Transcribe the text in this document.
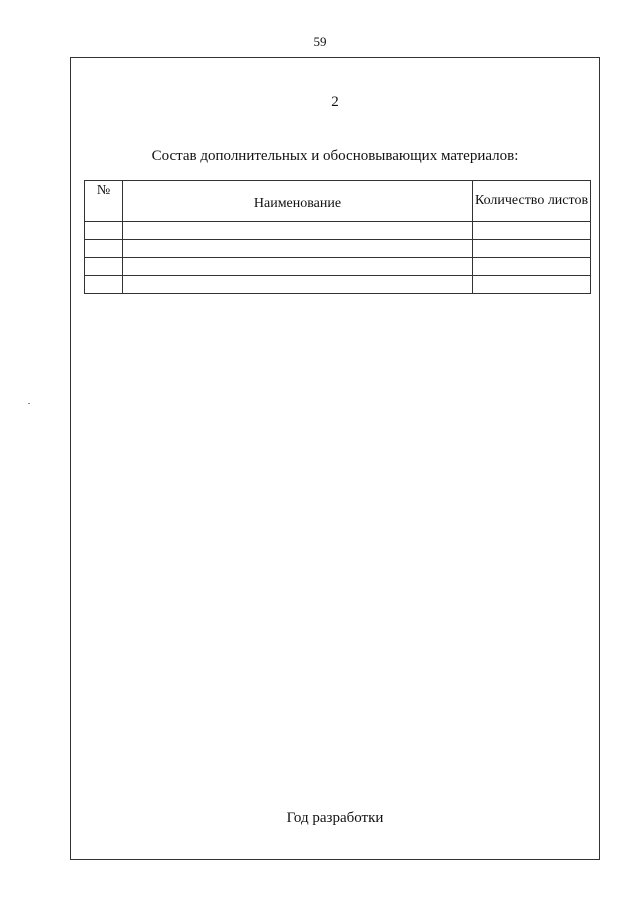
59
2
Состав дополнительных и обосновывающих материалов:
№	Наименование	Количество листов

Год разработки
